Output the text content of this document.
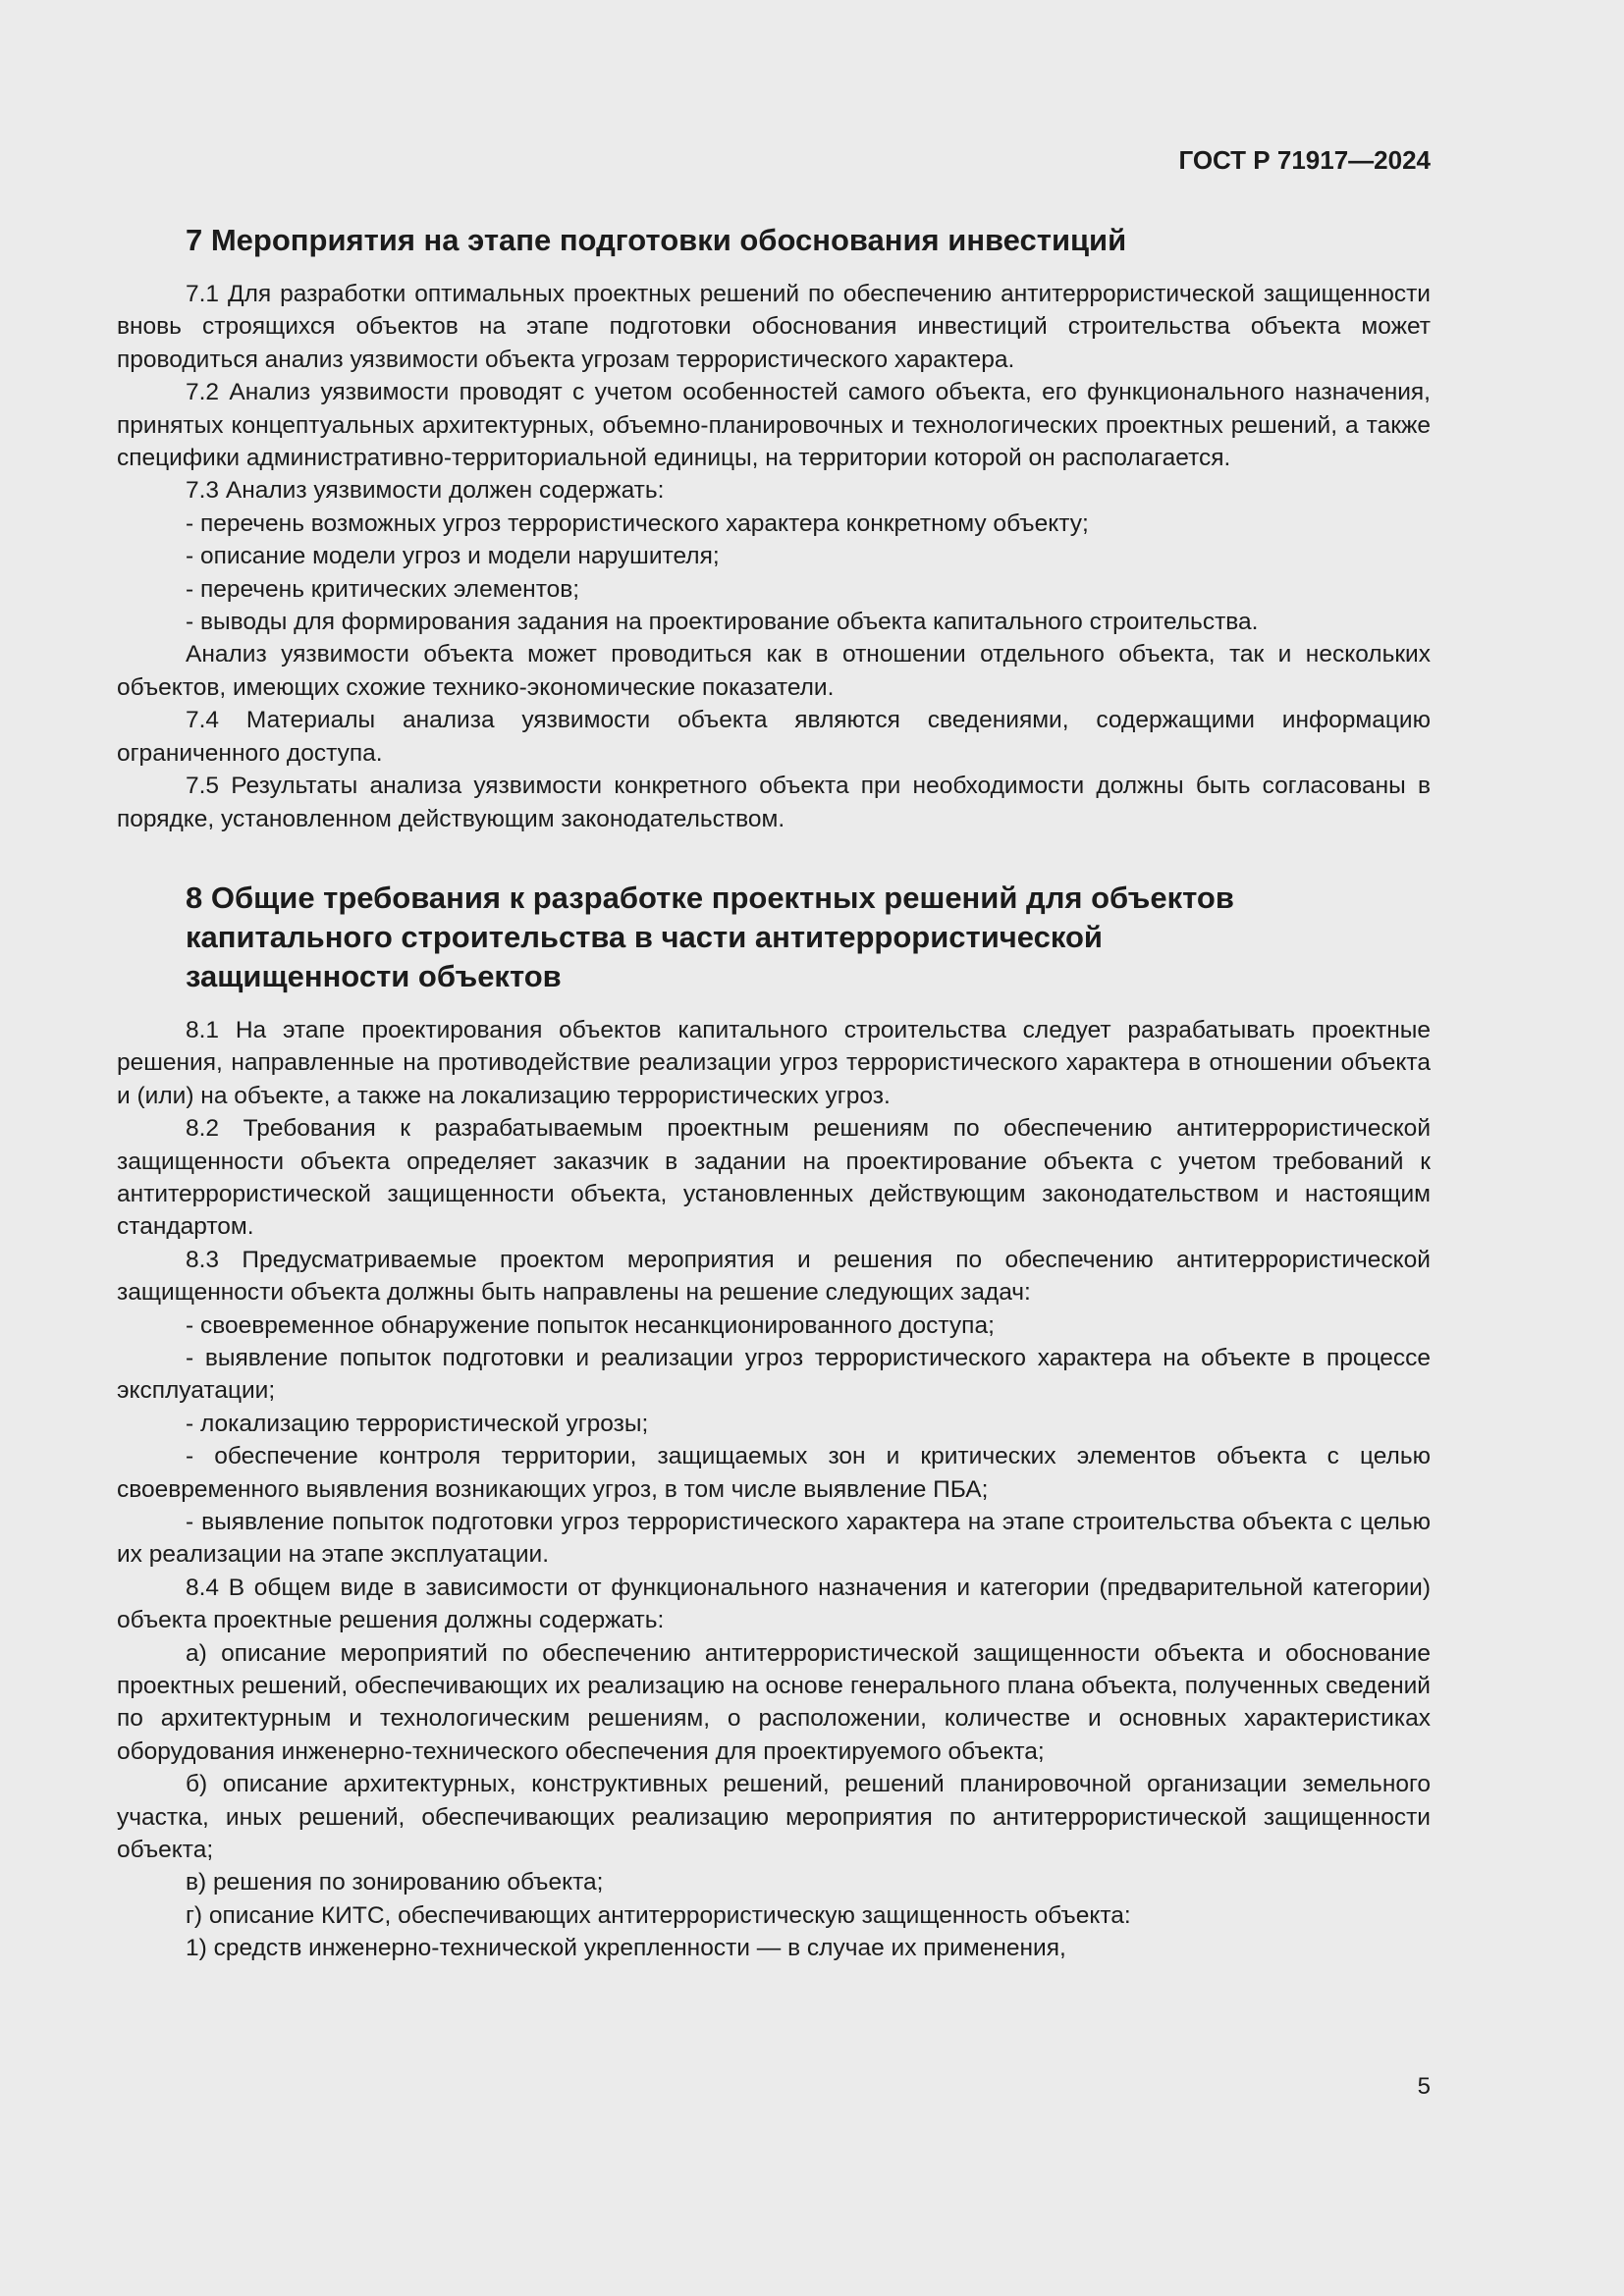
ГОСТ Р 71917—2024
7 Мероприятия на этапе подготовки обоснования инвестиций

7.1 Для разработки оптимальных проектных решений по обеспечению антитеррористической защищенности вновь строящихся объектов на этапе подготовки обоснования инвестиций строительства объекта может проводиться анализ уязвимости объекта угрозам террористического характера.

7.2 Анализ уязвимости проводят с учетом особенностей самого объекта, его функционального назначения, принятых концептуальных архитектурных, объемно-планировочных и технологических проектных решений, а также специфики административно-территориальной единицы, на территории которой он располагается.

7.3 Анализ уязвимости должен содержать:

- перечень возможных угроз террористического характера конкретному объекту;

- описание модели угроз и модели нарушителя;

- перечень критических элементов;

- выводы для формирования задания на проектирование объекта капитального строительства.

Анализ уязвимости объекта может проводиться как в отношении отдельного объекта, так и нескольких объектов, имеющих схожие технико-экономические показатели.

7.4 Материалы анализа уязвимости объекта являются сведениями, содержащими информацию ограниченного доступа.

7.5 Результаты анализа уязвимости конкретного объекта при необходимости должны быть согласованы в порядке, установленном действующим законодательством.

8 Общие требования к разработке проектных решений для объектов
капитального строительства в части антитеррористической
защищенности объектов

8.1 На этапе проектирования объектов капитального строительства следует разрабатывать проектные решения, направленные на противодействие реализации угроз террористического характера в отношении объекта и (или) на объекте, а также на локализацию террористических угроз.

8.2 Требования к разрабатываемым проектным решениям по обеспечению антитеррористической защищенности объекта определяет заказчик в задании на проектирование объекта с учетом требований к антитеррористической защищенности объекта, установленных действующим законодательством и настоящим стандартом.

8.3 Предусматриваемые проектом мероприятия и решения по обеспечению антитеррористической защищенности объекта должны быть направлены на решение следующих задач:

- своевременное обнаружение попыток несанкционированного доступа;

- выявление попыток подготовки и реализации угроз террористического характера на объекте в процессе эксплуатации;

- локализацию террористической угрозы;

- обеспечение контроля территории, защищаемых зон и критических элементов объекта с целью своевременного выявления возникающих угроз, в том числе выявление ПБА;

- выявление попыток подготовки угроз террористического характера на этапе строительства объекта с целью их реализации на этапе эксплуатации.

8.4 В общем виде в зависимости от функционального назначения и категории (предварительной категории) объекта проектные решения должны содержать:

а) описание мероприятий по обеспечению антитеррористической защищенности объекта и обоснование проектных решений, обеспечивающих их реализацию на основе генерального плана объекта, полученных сведений по архитектурным и технологическим решениям, о расположении, количестве и основных характеристиках оборудования инженерно-технического обеспечения для проектируемого объекта;

б) описание архитектурных, конструктивных решений, решений планировочной организации земельного участка, иных решений, обеспечивающих реализацию мероприятия по антитеррористической защищенности объекта;

в) решения по зонированию объекта;

г) описание КИТС, обеспечивающих антитеррористическую защищенность объекта:

1) средств инженерно-технической укрепленности — в случае их применения,

5
